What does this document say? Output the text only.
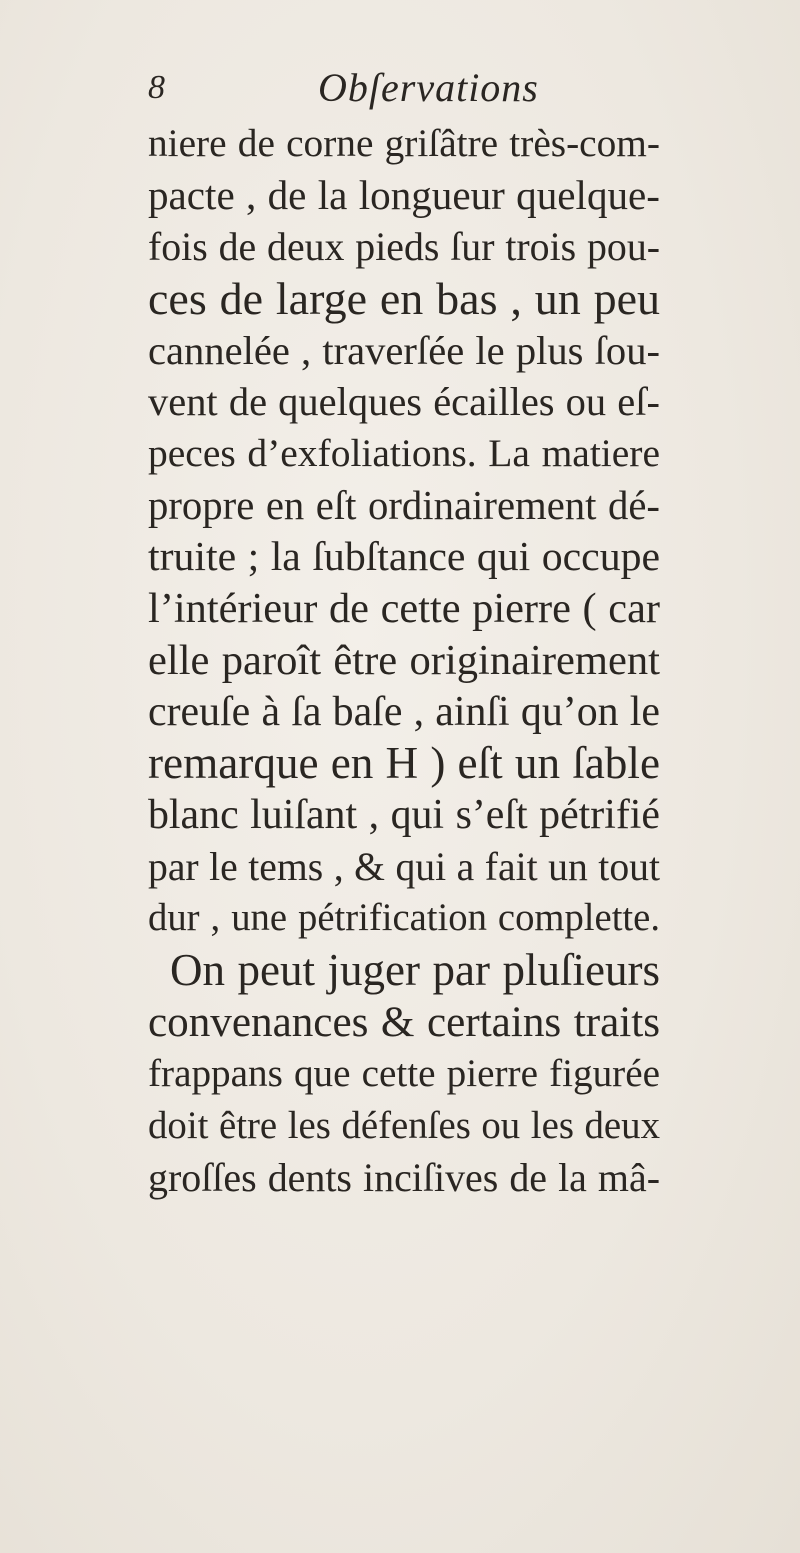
8	Obſervations
niere de corne griſâtre très-com-
pacte , de la longueur quelque-
fois de deux pieds ſur trois pou-
ces de large en bas , un peu
cannelée , traverſée le plus ſou-
vent de quelques écailles ou eſ-
peces d’exfoliations. La matiere
propre en eſt ordinairement dé-
truite ; la ſubſtance qui occupe
l’intérieur de cette pierre ( car
elle paroît être originairement
creuſe à ſa baſe , ainſi qu’on le
remarque en H ) eſt un ſable
blanc luiſant , qui s’eſt pétrifié
par le tems , & qui a fait un tout
dur , une pétrification complette.
On peut juger par pluſieurs
convenances & certains traits
frappans que cette pierre figurée
doit être les défenſes ou les deux
groſſes dents inciſives de la mâ-
